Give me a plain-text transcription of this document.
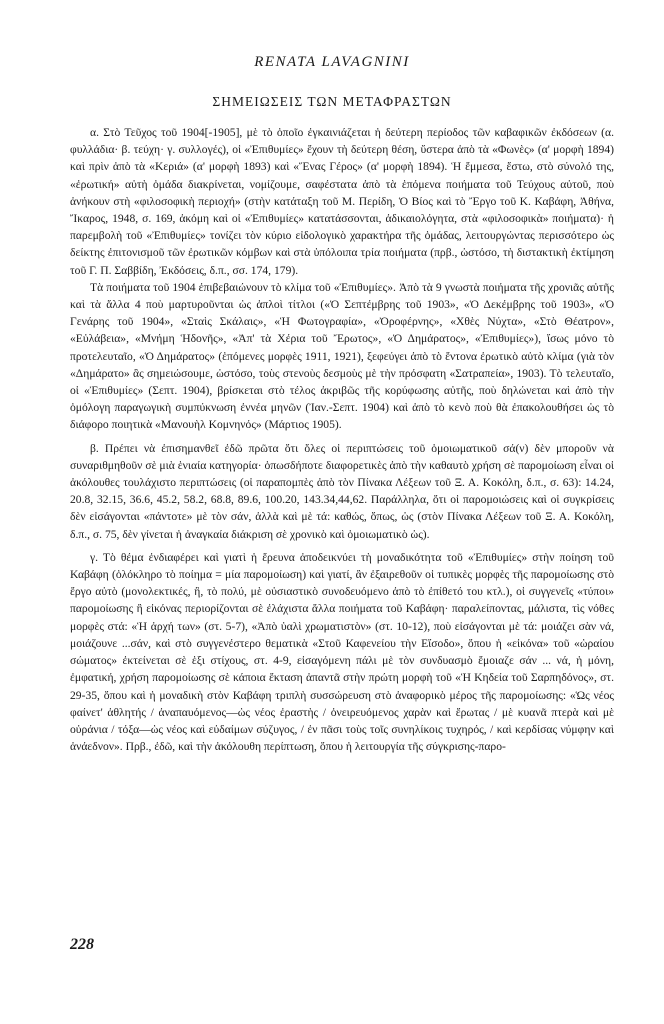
RENATA LAVAGNINI
ΣΗΜΕΙΩΣΕΙΣ ΤΩΝ ΜΕΤΑΦΡΑΣΤΩΝ

α. Στὸ Τεῦχος τοῦ 1904[-1905], μὲ τὸ ὁποῖο ἐγκαινιάζεται ἡ δεύτερη περίοδος τῶν καβαφικῶν ἐκδόσεων (α. φυλλάδια· β. τεύχη· γ. συλλογές), οἱ «Ἐπιθυμίες» ἔχουν τὴ δεύτερη θέση, ὕστερα ἀπὸ τὰ «Φωνὲς» (α' μορφὴ 1894) καὶ πρὶν ἀπὸ τὰ «Κεριά» (α' μορφὴ 1893) καὶ «Ἕνας Γέρος» (α' μορφὴ 1894). Ἡ ἔμμεσα, ἔστω, στὸ σύνολό της, «ἐρωτική» αὐτὴ ὁμάδα διακρίνεται, νομίζουμε, σαφέστατα ἀπὸ τὰ ἑπόμενα ποιήματα τοῦ Τεύχους αὐτοῦ, ποὺ ἀνήκουν στὴ «φιλοσοφικὴ περιοχή» (στὴν κατάταξη τοῦ Μ. Περίδη, Ὁ Βίος καὶ τὸ Ἔργο τοῦ Κ. Καβάφη, Ἀθήνα, Ἴκαρος, 1948, σ. 169, ἀκόμη καὶ οἱ «Ἐπιθυμίες» κατατάσσονται, ἀδικαιολόγητα, στὰ «φιλοσοφικὰ» ποιήματα)· ἡ παρεμβολὴ τοῦ «Ἐπιθυμίες» τονίζει τὸν κύριο εἰδολογικὸ χαρακτήρα τῆς ὁμάδας, λειτουργώντας περισσότερο ὡς δείκτης ἐπιτονισμοῦ τῶν ἐρωτικῶν κόμβων καὶ στὰ ὑπόλοιπα τρία ποιήματα (πρβ., ὡστόσο, τὴ διστακτικὴ ἐκτίμηση τοῦ Γ. Π. Σαββίδη, Ἐκδόσεις, δ.π., σσ. 174, 179).

Τὰ ποιήματα τοῦ 1904 ἐπιβεβαιώνουν τὸ κλίμα τοῦ «Ἐπιθυμίες». Ἀπὸ τὰ 9 γνωστὰ ποιήματα τῆς χρονιᾶς αὐτῆς καὶ τὰ ἄλλα 4 ποὺ μαρτυροῦνται ὡς ἁπλοὶ τίτλοι («Ὁ Σεπτέμβρης τοῦ 1903», «Ὁ Δεκέμβρης τοῦ 1903», «Ὁ Γενάρης τοῦ 1904», «Σταὶς Σκάλαις», «Ἡ Φωτογραφία», «Ὀροφέρνης», «Χθὲς Νύχτα», «Στὸ Θέατρον», «Εὐλάβεια», «Μνήμη Ἡδονῆς», «Ἀπ' τὰ Χέρια τοῦ Ἔρωτος», «Ὁ Δημάρατος», «Ἐπιθυμίες»), ἴσως μόνο τὸ προτελευταῖο, «Ὁ Δημάρατος» (ἑπόμενες μορφὲς 1911, 1921), ξεφεύγει ἀπὸ τὸ ἔντονα ἐρωτικὸ αὐτὸ κλίμα (γιὰ τὸν «Δημάρατο» ἂς σημειώσουμε, ὡστόσο, τοὺς στενοὺς δεσμοὺς μὲ τὴν πρόσφατη «Σατραπεία», 1903). Τὸ τελευταῖο, οἱ «Ἐπιθυμίες» (Σεπτ. 1904), βρίσκεται στὸ τέλος ἀκριβῶς τῆς κορύφωσης αὐτῆς, ποὺ δηλώνεται καὶ ἀπὸ τὴν ὁμόλογη παραγωγικὴ συμπύκνωση ἐννέα μηνῶν (Ἰαν.-Σεπτ. 1904) καὶ ἀπὸ τὸ κενὸ ποὺ θὰ ἐπακολουθήσει ὡς τὸ διάφορο ποιητικὰ «Μανουὴλ Κομνηνός» (Μάρτιος 1905).

β. Πρέπει νὰ ἐπισημανθεῖ ἐδῶ πρῶτα ὅτι ὅλες οἱ περιπτώσεις τοῦ ὁμοιωματικοῦ σά(ν) δὲν μποροῦν νὰ συναριθμηθοῦν σὲ μιὰ ἑνιαία κατηγορία· ὁπωσδήποτε διαφορετικὲς ἀπὸ τὴν καθαυτὸ χρήση σὲ παρομοίωση εἶναι οἱ ἀκόλουθες τουλάχιστο περιπτώσεις (οἱ παραπομπὲς ἀπὸ τὸν Πίνακα Λέξεων τοῦ Ξ. Α. Κοκόλη, δ.π., σ. 63): 14.24, 20.8, 32.15, 36.6, 45.2, 58.2, 68.8, 89.6, 100.20, 143.34,44,62. Παράλληλα, ὅτι οἱ παρομοιώσεις καὶ οἱ συγκρίσεις δὲν εἰσάγονται «πάντοτε» μὲ τὸν σάν, ἀλλὰ καὶ μὲ τά: καθώς, ὅπως, ὡς (στὸν Πίνακα Λέξεων τοῦ Ξ. Α. Κοκόλη, δ.π., σ. 75, δὲν γίνεται ἡ ἀναγκαία διάκριση σὲ χρονικὸ καὶ ὁμοιωματικὸ ὡς).

γ. Τὸ θέμα ἐνδιαφέρει καὶ γιατὶ ἡ ἔρευνα ἀποδεικνύει τὴ μοναδικότητα τοῦ «Ἐπιθυμίες» στὴν ποίηση τοῦ Καβάφη (ὁλόκληρο τὸ ποίημα = μία παρομοίωση) καὶ γιατί, ἂν ἐξαιρεθοῦν οἱ τυπικὲς μορφὲς τῆς παρομοίωσης στὸ ἔργο αὐτὸ (μονολεκτικές, ἢ, τὸ πολύ, μὲ οὐσιαστικὸ συνοδευόμενο ἀπὸ τὸ ἐπίθετό του κτλ.), οἱ συγγενεῖς «τύποι» παρομοίωσης ἢ εἰκόνας περιορίζονται σὲ ἐλάχιστα ἄλλα ποιήματα τοῦ Καβάφη· παραλείποντας, μάλιστα, τὶς νόθες μορφὲς στά: «Ἡ ἀρχή των» (στ. 5-7), «Ἀπὸ ὑαλὶ χρωματιστὸν» (στ. 10-12), ποὺ εἰσάγονται μὲ τά: μοιάζει σὰν νά, μοιάζουνε ...σάν, καὶ στὸ συγγενέστερο θεματικὰ «Στοῦ Καφενείου τὴν Εἴσοδο», ὅπου ἡ «εἰκόνα» τοῦ «ὡραίου σώματος» ἐκτείνεται σὲ ἑξι στίχους, στ. 4-9, εἰσαγόμενη πάλι μὲ τὸν συνδυασμὸ ἔμοιαζε σάν ... νά, ἡ μόνη, ἐμφατική, χρήση παρομοίωσης σὲ κάποια ἔκταση ἀπαντᾶ στὴν πρώτη μορφὴ τοῦ «Ἡ Κηδεία τοῦ Σαρπηδόνος», στ. 29-35, ὅπου καὶ ἡ μοναδικὴ στὸν Καβάφη τριπλὴ συσσώρευση στὸ ἀναφορικὸ μέρος τῆς παρομοίωσης: «Ὡς νέος φαίνετ' ἀθλητής / ἀναπαυόμενος—ὡς νέος ἐραστὴς / ὀνειρευόμενος χαρὰν καὶ ἔρωτας / μὲ κυανᾶ πτερὰ καὶ μὲ οὐράνια / τόξα—ὡς νέος καὶ εὐδαίμων σύζυγος, / ἐν πᾶσι τοὺς τοῖς συνηλίκοις τυχηρός, / καὶ κερδίσας νύμφην καὶ ἀνάεδνον». Πρβ., ἐδῶ, καὶ τὴν ἀκόλουθη περίπτωση, ὅπου ἡ λειτουργία τῆς σύγκρισης-παρο-

228
